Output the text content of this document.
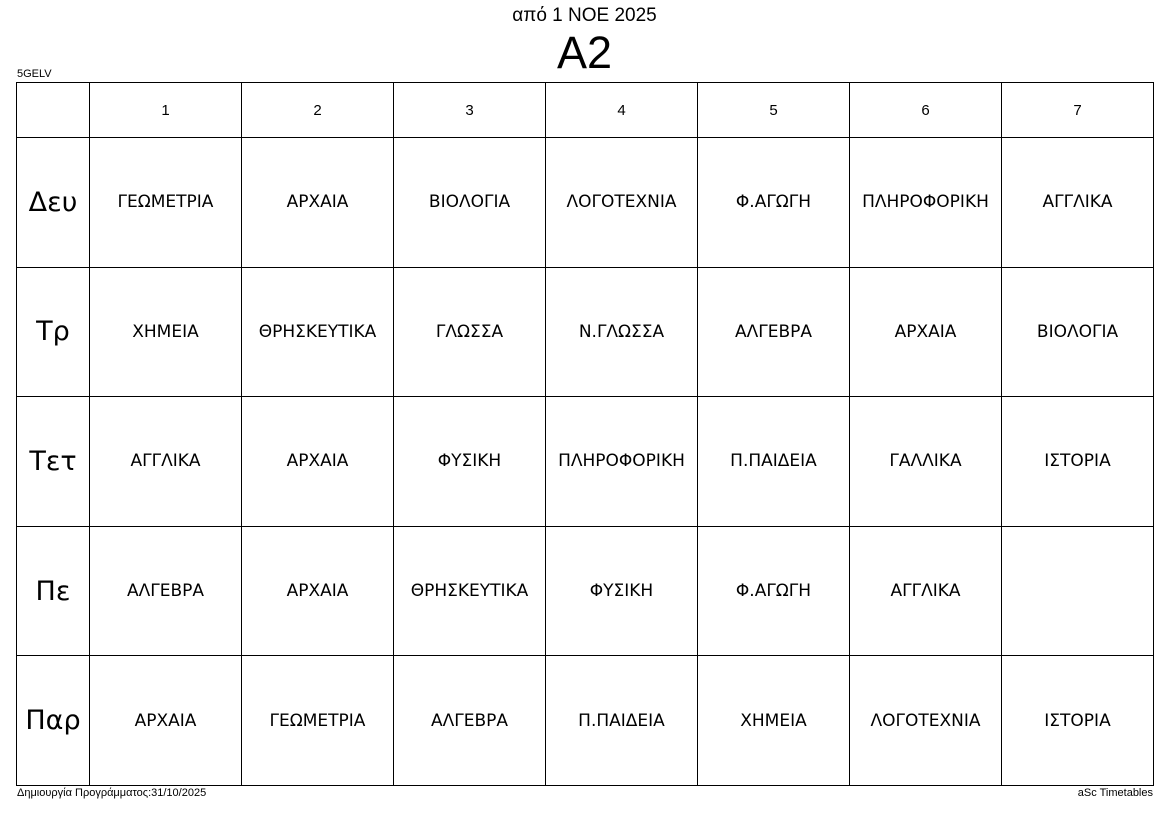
από 1 ΝΟΕ 2025
A2
5GELV
	1	2	3	4	5	6	7
Δευ	ΓΕΩΜΕΤΡΙΑ	ΑΡΧΑΙΑ	ΒΙΟΛΟΓΙΑ	ΛΟΓΟΤΕΧΝΙΑ	Φ.ΑΓΩΓΗ	ΠΛΗΡΟΦΟΡΙΚΗ	ΑΓΓΛΙΚΑ
Τρ	ΧΗΜΕΙΑ	ΘΡΗΣΚΕΥΤΙΚΑ	ΓΛΩΣΣΑ	Ν.ΓΛΩΣΣΑ	ΑΛΓΕΒΡΑ	ΑΡΧΑΙΑ	ΒΙΟΛΟΓΙΑ
Τετ	ΑΓΓΛΙΚΑ	ΑΡΧΑΙΑ	ΦΥΣΙΚΗ	ΠΛΗΡΟΦΟΡΙΚΗ	Π.ΠΑΙΔΕΙΑ	ΓΑΛΛΙΚΑ	ΙΣΤΟΡΙΑ
Πε	ΑΛΓΕΒΡΑ	ΑΡΧΑΙΑ	ΘΡΗΣΚΕΥΤΙΚΑ	ΦΥΣΙΚΗ	Φ.ΑΓΩΓΗ	ΑΓΓΛΙΚΑ	
Παρ	ΑΡΧΑΙΑ	ΓΕΩΜΕΤΡΙΑ	ΑΛΓΕΒΡΑ	Π.ΠΑΙΔΕΙΑ	ΧΗΜΕΙΑ	ΛΟΓΟΤΕΧΝΙΑ	ΙΣΤΟΡΙΑ
Δημιουργία Προγράμματος:31/10/2025	aSc Timetables
